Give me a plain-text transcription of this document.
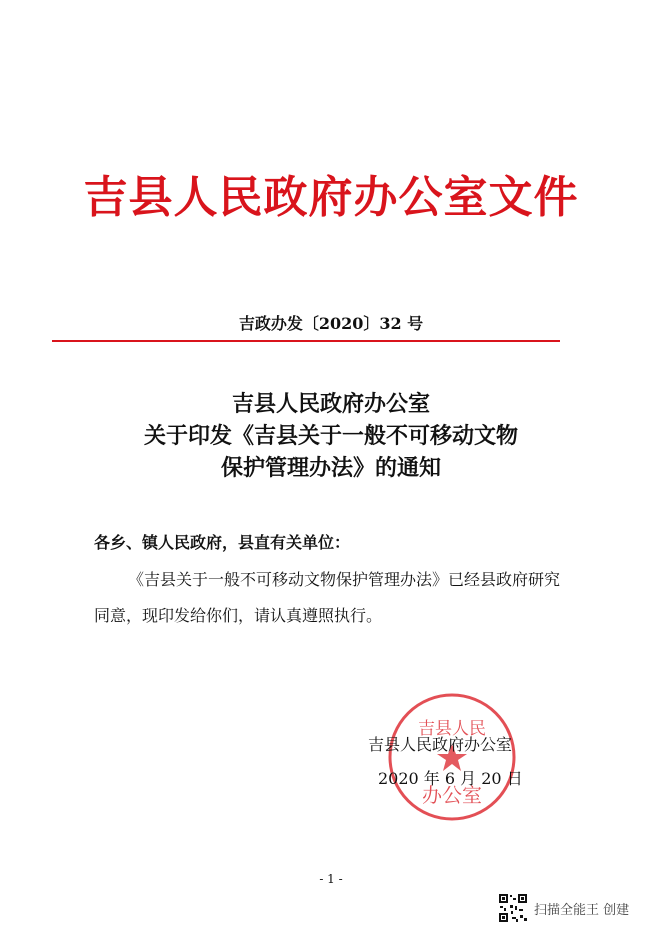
吉县人民政府办公室文件
吉政办发〔2020〕32 号
吉县人民政府办公室
关于印发《吉县关于一般不可移动文物
保护管理办法》的通知
各乡、镇人民政府，县直有关单位：
《吉县关于一般不可移动文物保护管理办法》已经县政府研究同意，现印发给你们，请认真遵照执行。
吉县人民
办公室
吉县人民政府办公室
2020 年 6 月 20 日
- 1 -
扫描全能王 创建
